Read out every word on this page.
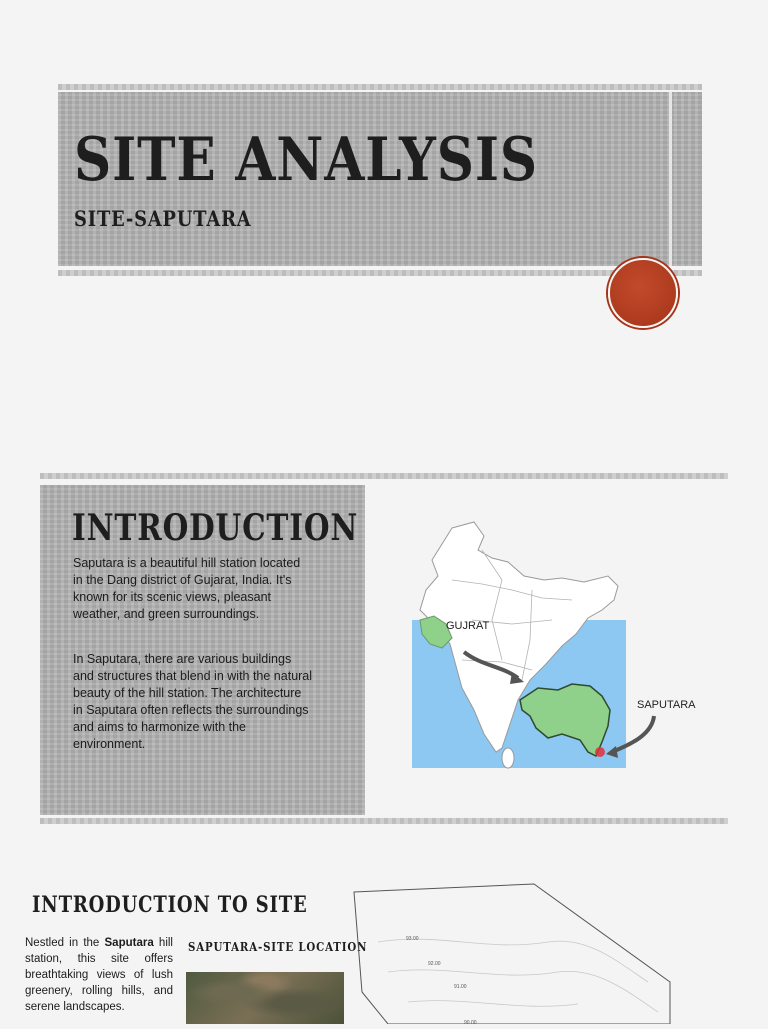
SITE ANALYSIS
SITE-SAPUTARA
INTRODUCTION

Saputara is a beautiful hill station located in the Dang district of Gujarat, India. It's known for its scenic views, pleasant weather, and green surroundings.

In Saputara, there are various buildings and structures that blend in with the natural beauty of the hill station. The architecture in Saputara often reflects the surroundings and aims to harmonize with the environment.

GUJRAT
SAPUTARA
INTRODUCTION TO SITE

Nestled in the Saputara hill station, this site offers breathtaking views of lush greenery, rolling hills, and serene landscapes.

SAPUTARA-SITE LOCATION
93.00
92.00
91.00
90.00
